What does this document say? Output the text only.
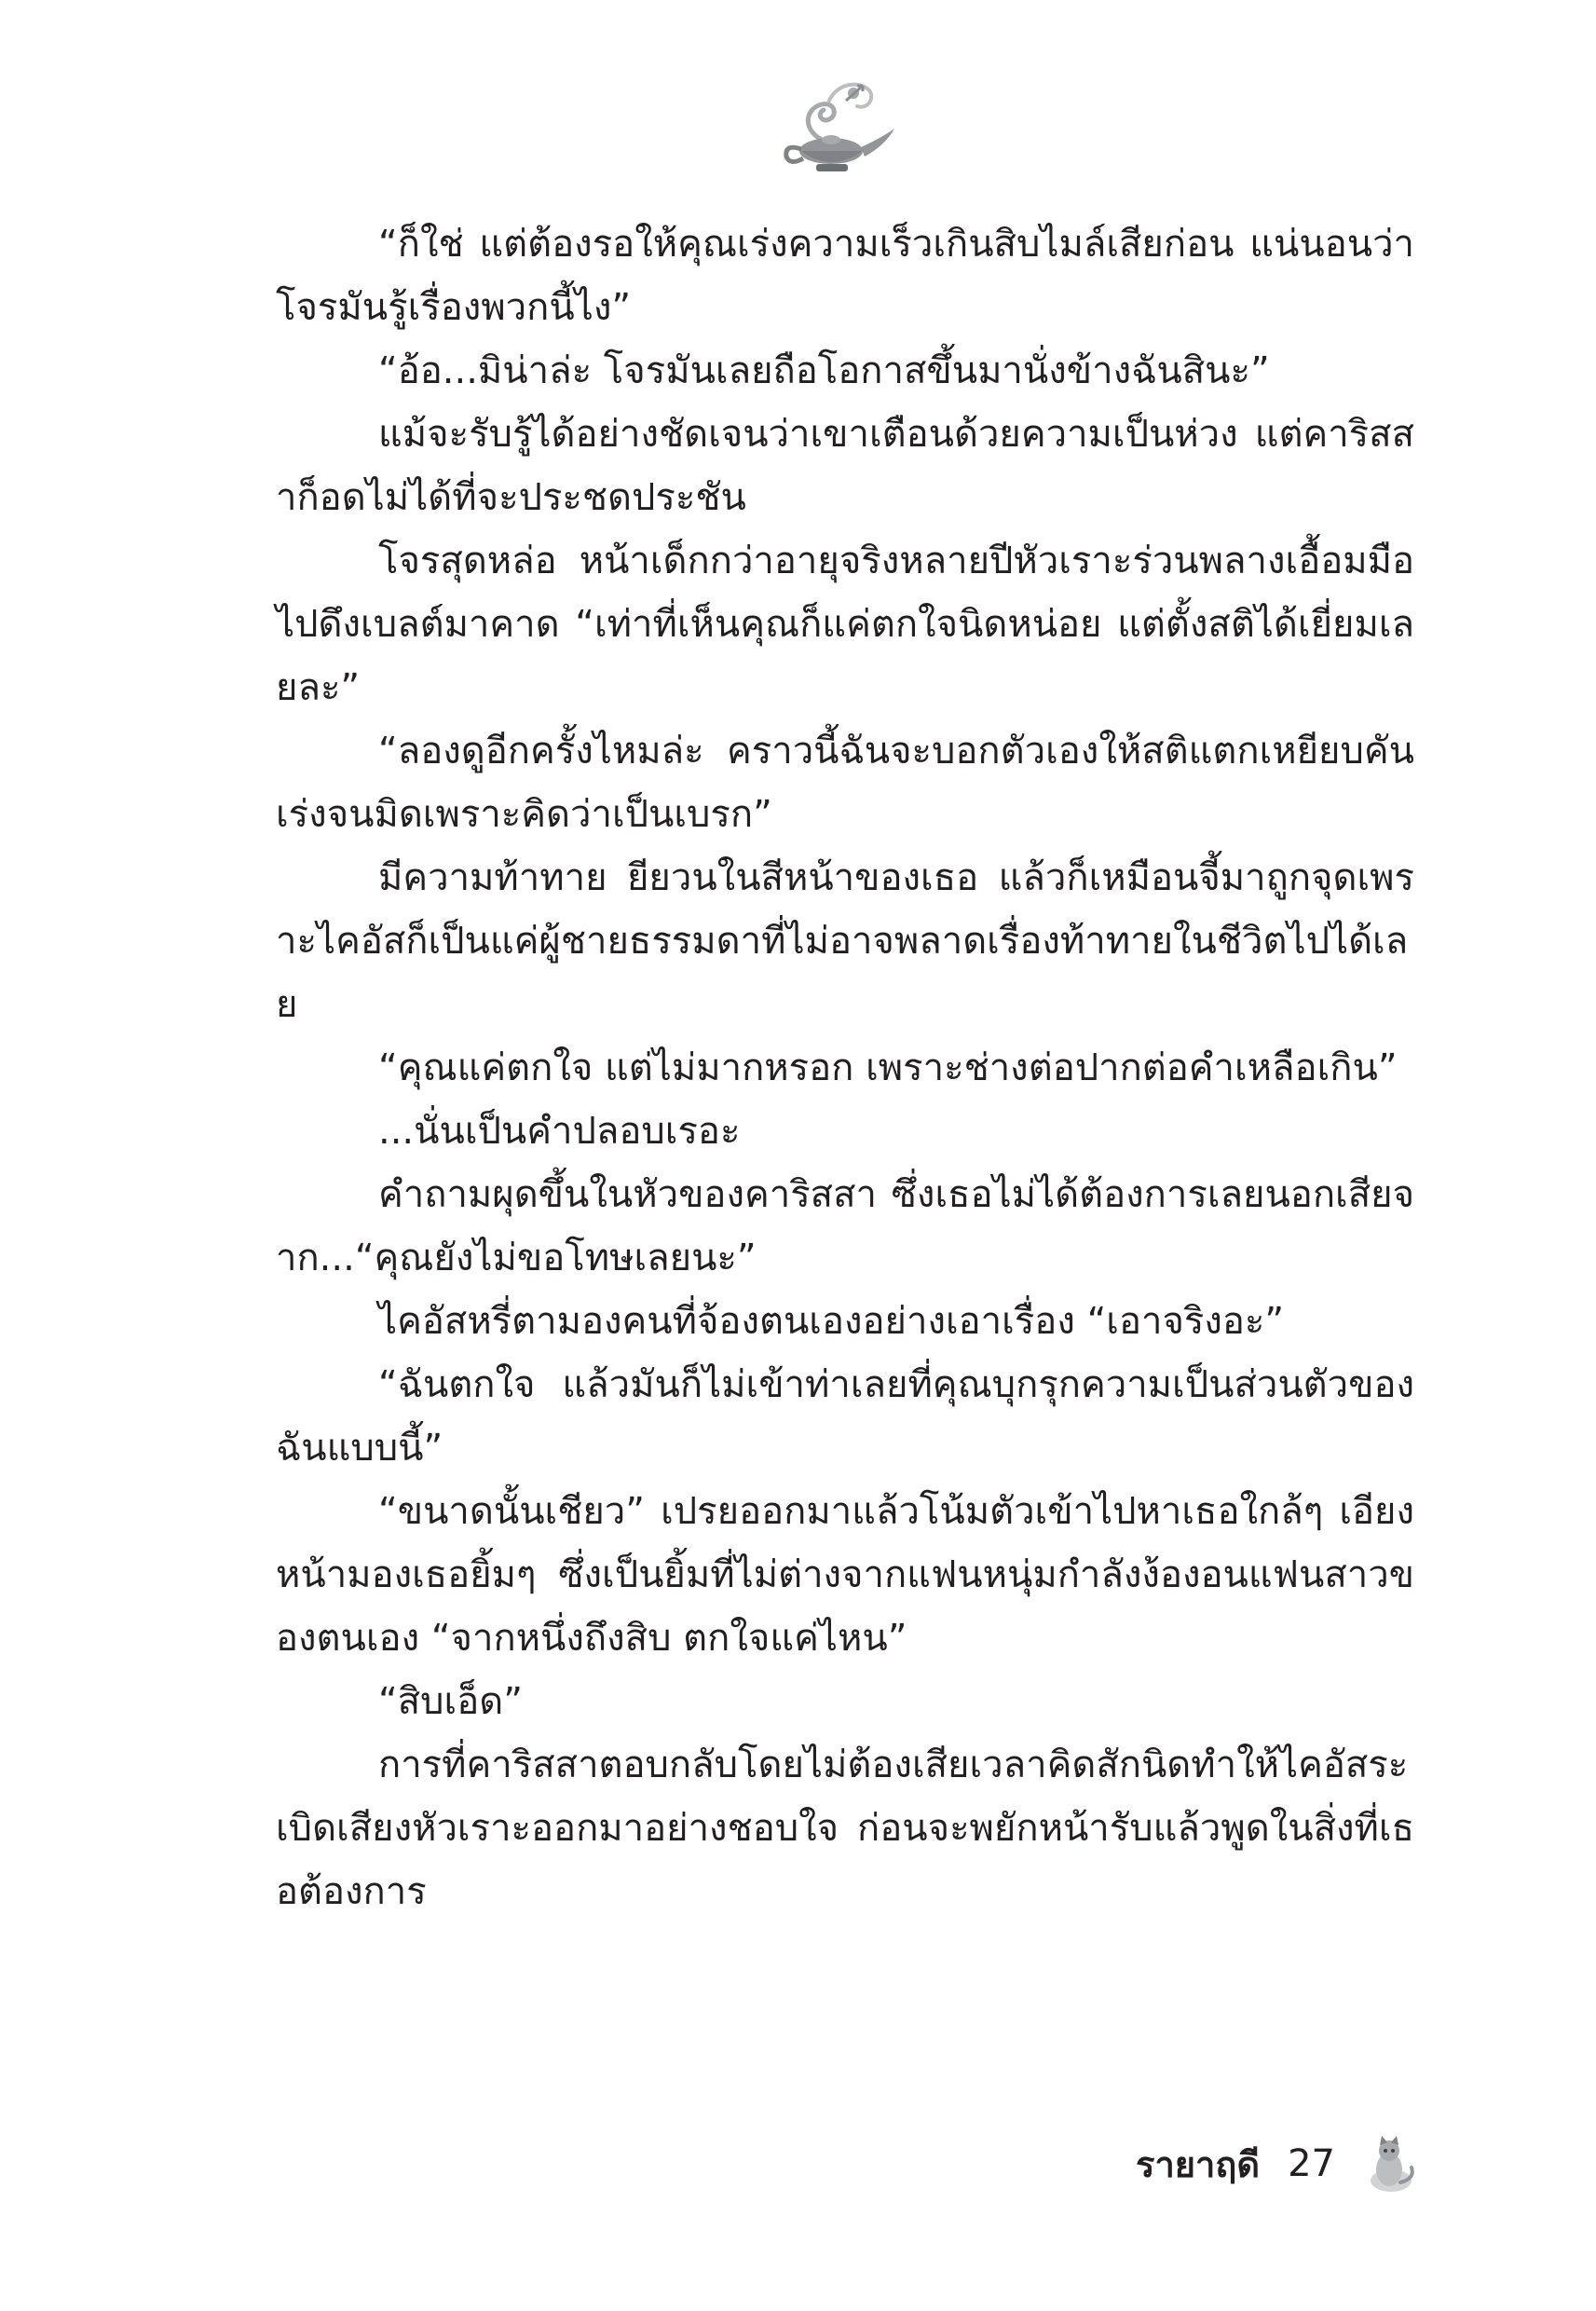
“ก็ใช่ แต่ต้องรอให้คุณเร่งความเร็วเกินสิบไมล์เสียก่อน แน่นอนว่าโจรมันรู้เรื่องพวกนี้ไง”

“อ้อ...มิน่าล่ะ โจรมันเลยถือโอกาสขึ้นมานั่งข้างฉันสินะ”

แม้จะรับรู้ได้อย่างชัดเจนว่าเขาเตือนด้วยความเป็นห่วง แต่คาริสสาก็อดไม่ได้ที่จะประชดประชัน

โจรสุดหล่อ หน้าเด็กกว่าอายุจริงหลายปีหัวเราะร่วนพลางเอื้อมมือไปดึงเบลต์มาคาด “เท่าที่เห็นคุณก็แค่ตกใจนิดหน่อย แต่ตั้งสติได้เยี่ยมเลยละ”

“ลองดูอีกครั้งไหมล่ะ คราวนี้ฉันจะบอกตัวเองให้สติแตกเหยียบคันเร่งจนมิดเพราะคิดว่าเป็นเบรก”

มีความท้าทาย ยียวนในสีหน้าของเธอ แล้วก็เหมือนจี้มาถูกจุดเพราะไคอัสก็เป็นแค่ผู้ชายธรรมดาที่ไม่อาจพลาดเรื่องท้าทายในชีวิตไปได้เลย

“คุณแค่ตกใจ แต่ไม่มากหรอก เพราะช่างต่อปากต่อคำเหลือเกิน”

...นั่นเป็นคำปลอบเรอะ

คำถามผุดขึ้นในหัวของคาริสสา ซึ่งเธอไม่ได้ต้องการเลยนอกเสียจาก...“คุณยังไม่ขอโทษเลยนะ”

ไคอัสหรี่ตามองคนที่จ้องตนเองอย่างเอาเรื่อง “เอาจริงอะ”

“ฉันตกใจ แล้วมันก็ไม่เข้าท่าเลยที่คุณบุกรุกความเป็นส่วนตัวของฉันแบบนี้”

“ขนาดนั้นเชียว” เปรยออกมาแล้วโน้มตัวเข้าไปหาเธอใกล้ๆ เอียงหน้ามองเธอยิ้มๆ ซึ่งเป็นยิ้มที่ไม่ต่างจากแฟนหนุ่มกำลังง้องอนแฟนสาวของตนเอง “จากหนึ่งถึงสิบ ตกใจแค่ไหน”

“สิบเอ็ด”

การที่คาริสสาตอบกลับโดยไม่ต้องเสียเวลาคิดสักนิดทำให้ไคอัสระเบิดเสียงหัวเราะออกมาอย่างชอบใจ ก่อนจะพยักหน้ารับแล้วพูดในสิ่งที่เธอต้องการ

รายาฤดี 27
